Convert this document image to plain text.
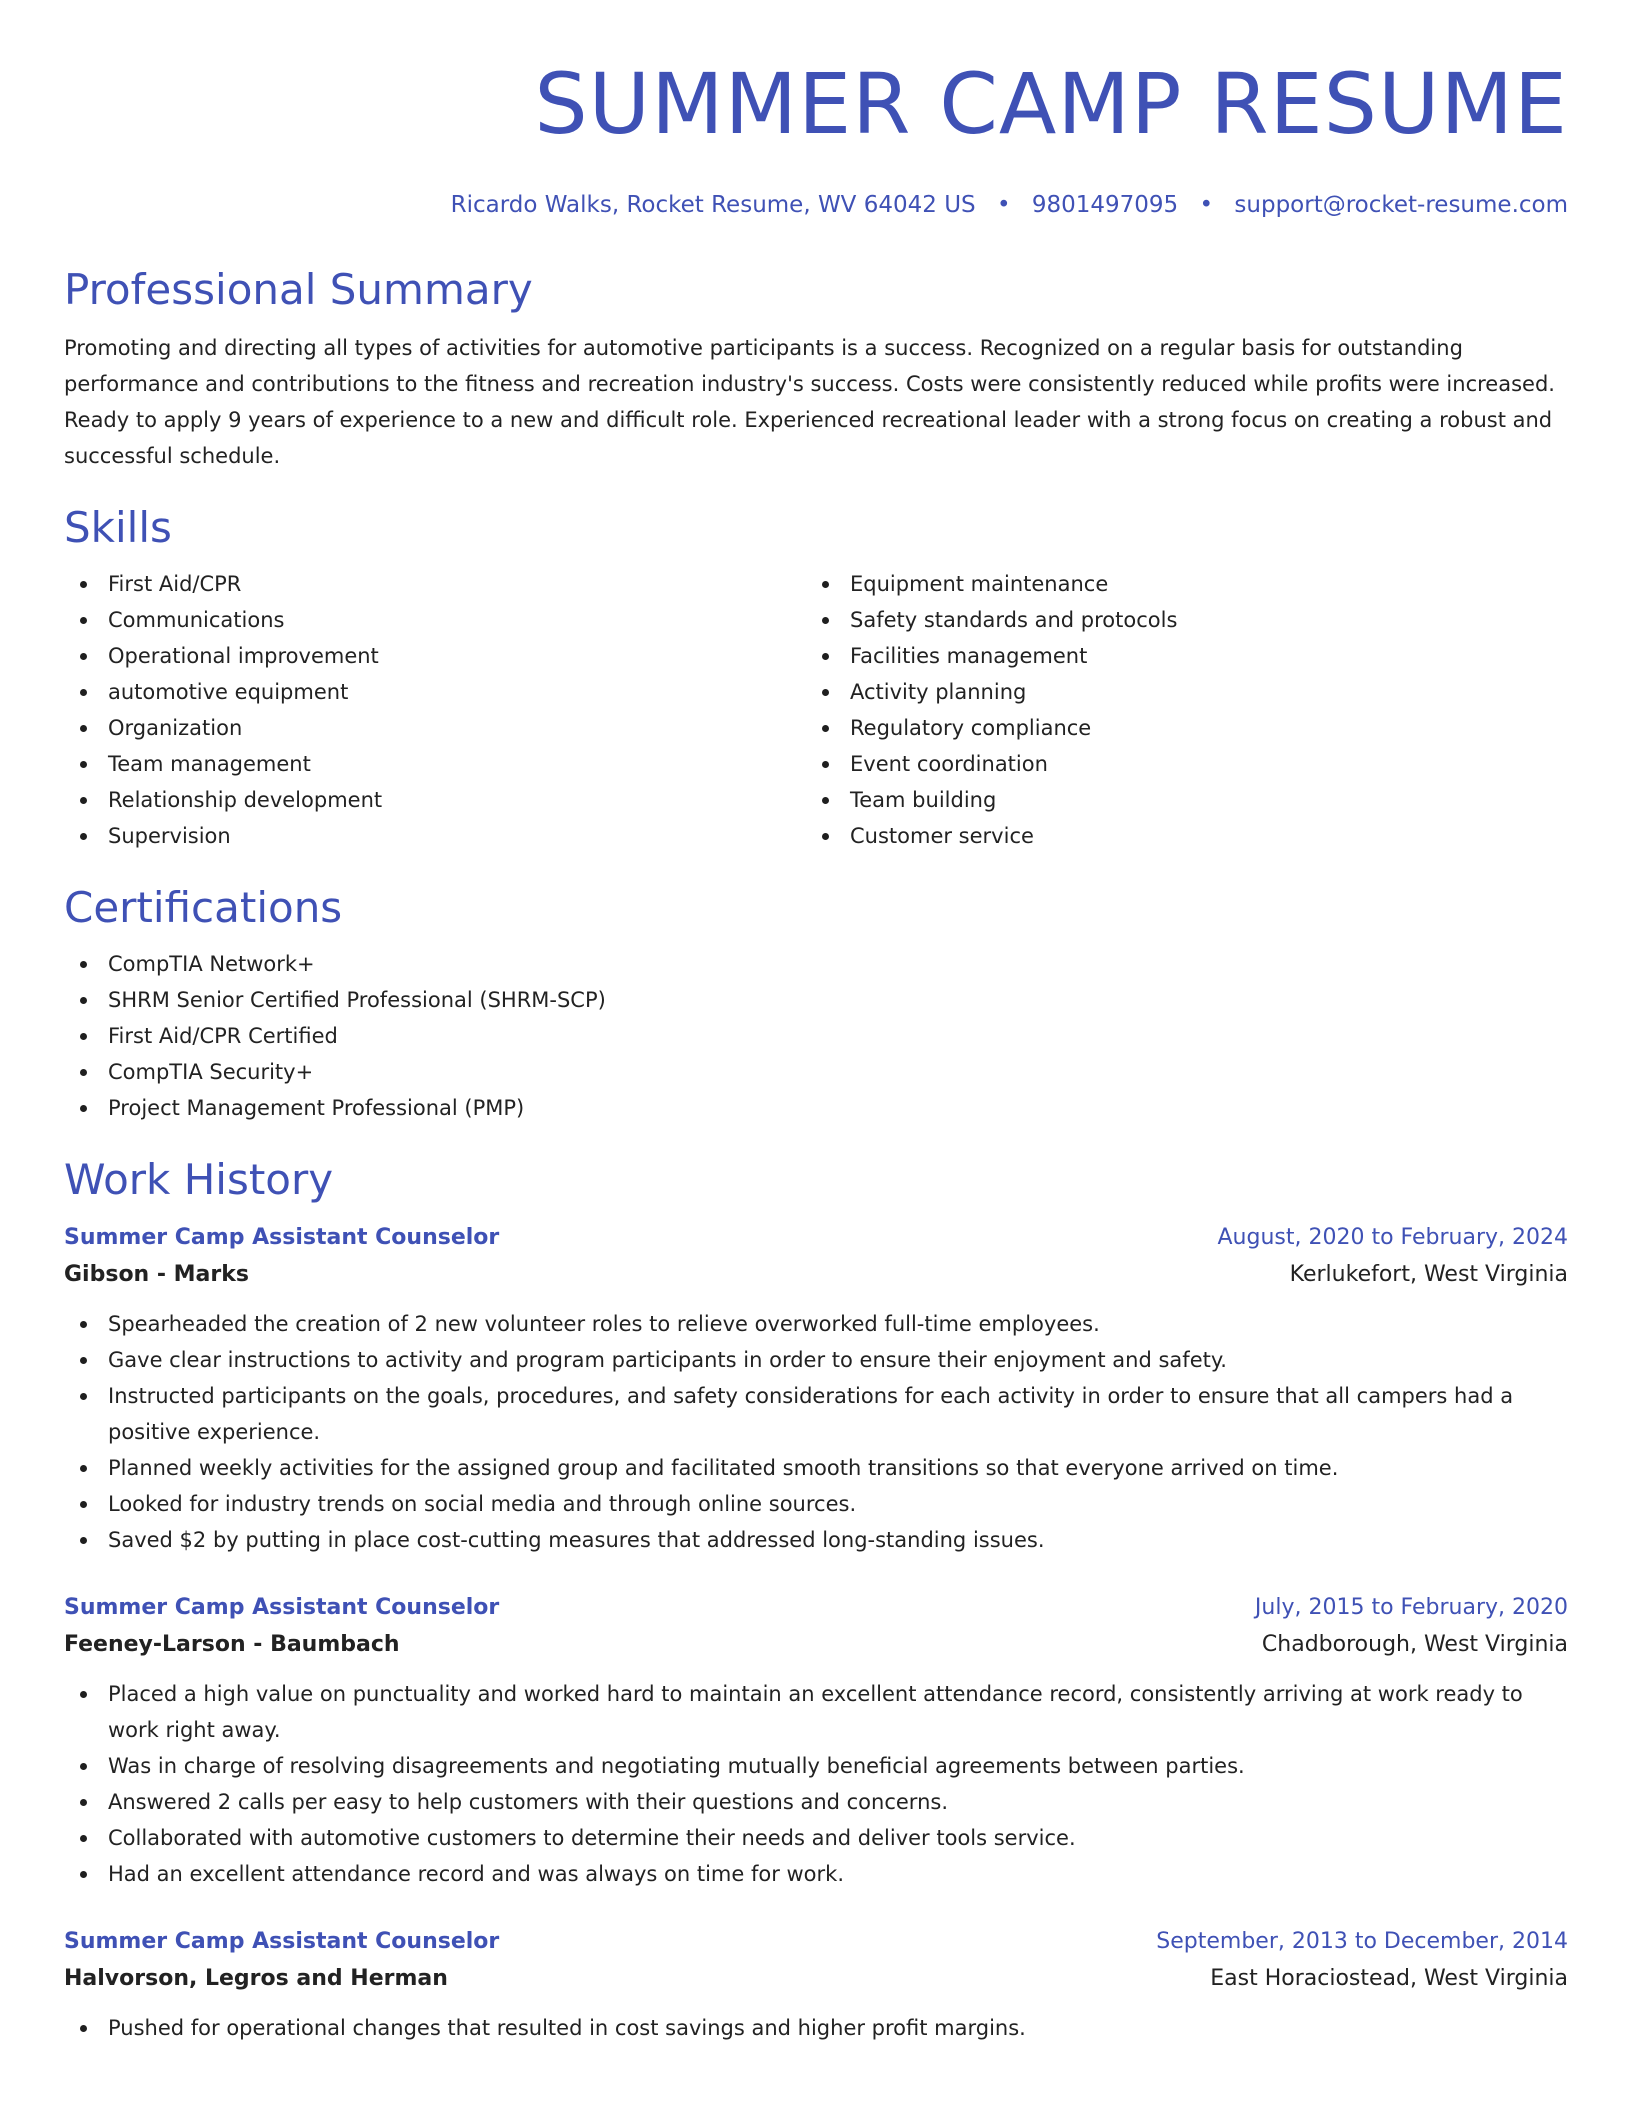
SUMMER CAMP RESUME
Ricardo Walks, Rocket Resume, WV 64042 US • 9801497095 • support@rocket-resume.com
Professional Summary

Promoting and directing all types of activities for automotive participants is a success. Recognized on a regular basis for outstanding performance and contributions to the fitness and recreation industry's success. Costs were consistently reduced while profits were increased. Ready to apply 9 years of experience to a new and difficult role. Experienced recreational leader with a strong focus on creating a robust and successful schedule.

Skills
First Aid/CPR
Communications
Operational improvement
automotive equipment
Organization
Team management
Relationship development
Supervision
Equipment maintenance
Safety standards and protocols
Facilities management
Activity planning
Regulatory compliance
Event coordination
Team building
Customer service
Certifications
CompTIA Network+
SHRM Senior Certified Professional (SHRM-SCP)
First Aid/CPR Certified
CompTIA Security+
Project Management Professional (PMP)
Work History
Summer Camp Assistant Counselor	August, 2020 to February, 2024
Gibson - Marks	Kerlukefort, West Virginia
Spearheaded the creation of 2 new volunteer roles to relieve overworked full-time employees.
Gave clear instructions to activity and program participants in order to ensure their enjoyment and safety.
Instructed participants on the goals, procedures, and safety considerations for each activity in order to ensure that all campers had a positive experience.
Planned weekly activities for the assigned group and facilitated smooth transitions so that everyone arrived on time.
Looked for industry trends on social media and through online sources.
Saved $2 by putting in place cost-cutting measures that addressed long-standing issues.
Summer Camp Assistant Counselor	July, 2015 to February, 2020
Feeney-Larson - Baumbach	Chadborough, West Virginia
Placed a high value on punctuality and worked hard to maintain an excellent attendance record, consistently arriving at work ready to work right away.
Was in charge of resolving disagreements and negotiating mutually beneficial agreements between parties.
Answered 2 calls per easy to help customers with their questions and concerns.
Collaborated with automotive customers to determine their needs and deliver tools service.
Had an excellent attendance record and was always on time for work.
Summer Camp Assistant Counselor	September, 2013 to December, 2014
Halvorson, Legros and Herman	East Horaciostead, West Virginia
Pushed for operational changes that resulted in cost savings and higher profit margins.
